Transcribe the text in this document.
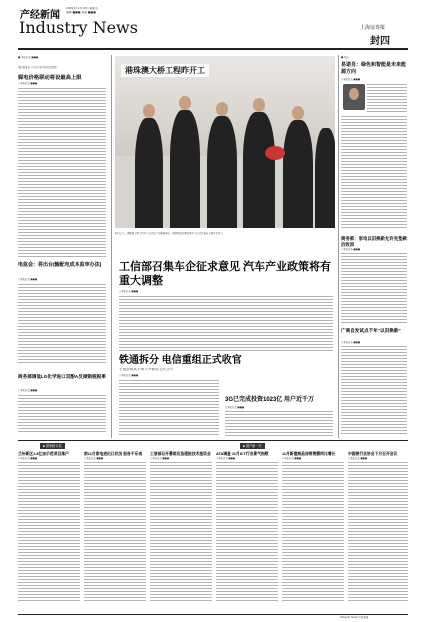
产经新闻
Industry News
2009年12月18日 星期五
编辑 ■■■ 美编 ■■■
上海证券报
封四
■ 本报记者 ■■■
国资委发布《中央企业产权转让规定》
媒电价格联动将设最高上限
○本报记者 ■■■
电监会：将出台(输配电成本监审办法)
○本报记者 ■■■
商务部调低LG化学进口双酚A反倾销税税率
○本报记者 ■■■
港珠澳大桥工程昨开工
昨日上午，港珠澳大桥工程开工仪式在广东珠海举行。国务院副总理出席开工仪式并宣布大桥正式开工。
工信部召集车企征求意见 汽车产业政策将有重大调整
○本报记者 ■■■
铁通拆分 电信重组正式收官
王建宙称其不纳入中移动上市公司
○本报记者 ■■■
3G已完成投资1023亿 用户近千万
○本报记者 ■■■
■ 观点
易诺肖：绿色和智能是未来能源方向
○本报记者 ■■■
商务部：家电以旧换新允许先垫款后收回
○本报记者 ■■■
广商自发试点千年“以旧换新”
○本报记者 ■■■
■ 国家统计局	■ 国产新一代
兰州新区1.8亿亩示范项目落户
○本报记者 ■■■
前11月家电进出口状况 报告不乐观
○本报记者 ■■■
工信部召开暴雨应急通报技术座谈会
○本报记者 ■■■
ATA调查 11月ICT行业景气指数
○本报记者 ■■■
11月新建商品房销售额同比增长
○本报记者 ■■■
中国银行业协会下月召开会议
○本报记者 ■■■
Industry News 产经新闻
